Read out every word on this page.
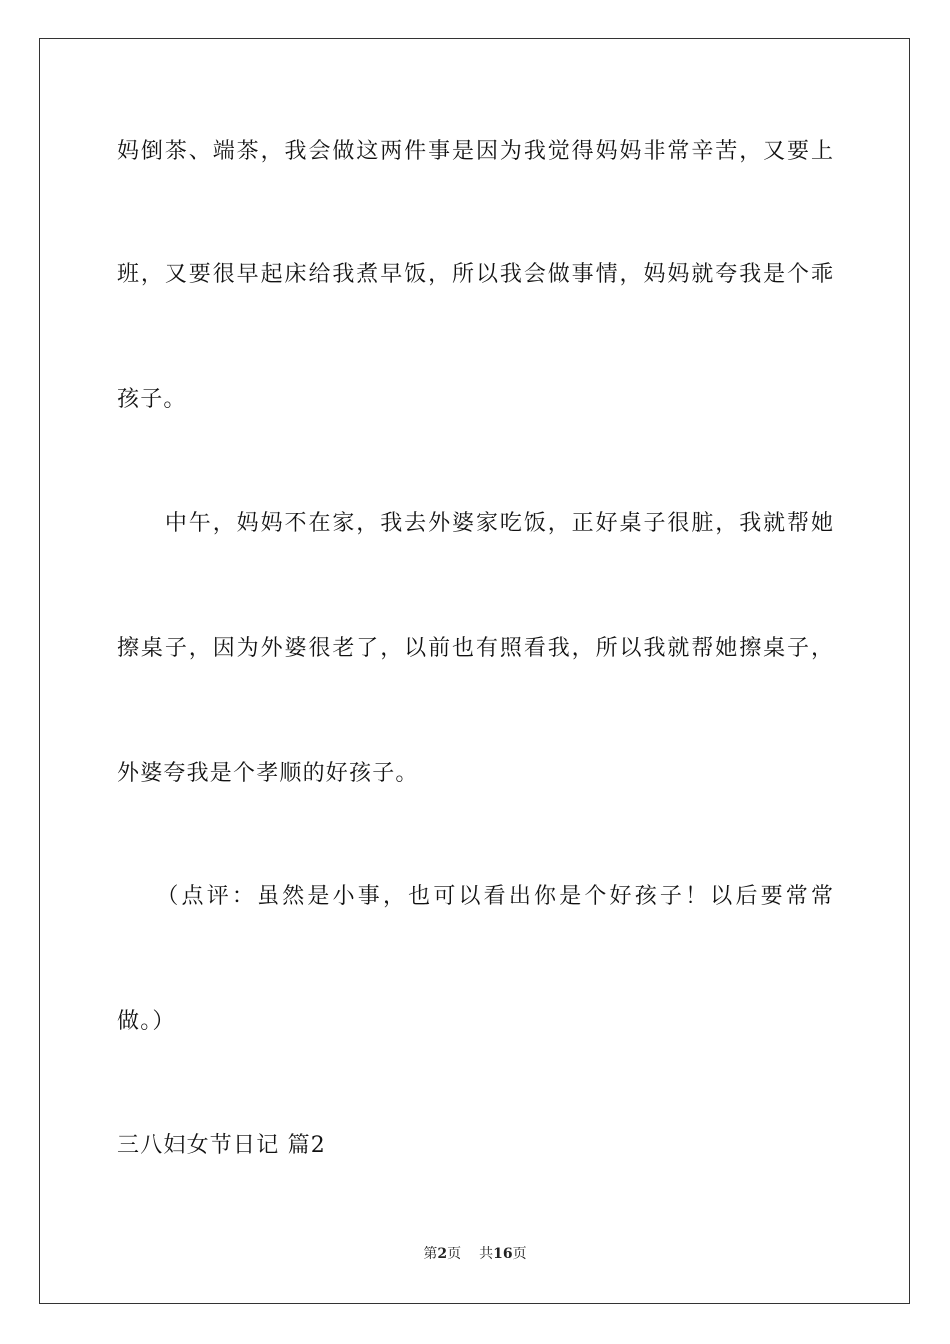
妈倒茶、端茶，我会做这两件事是因为我觉得妈妈非常辛苦，又要上
班，又要很早起床给我煮早饭，所以我会做事情，妈妈就夸我是个乖
孩子。
　　中午，妈妈不在家，我去外婆家吃饭，正好桌子很脏，我就帮她
擦桌子，因为外婆很老了，以前也有照看我，所以我就帮她擦桌子，
外婆夸我是个孝顺的好孩子。
　　（点评：虽然是小事，也可以看出你是个好孩子！以后要常常
做。）
三八妇女节日记 篇2
第2页 共16页
